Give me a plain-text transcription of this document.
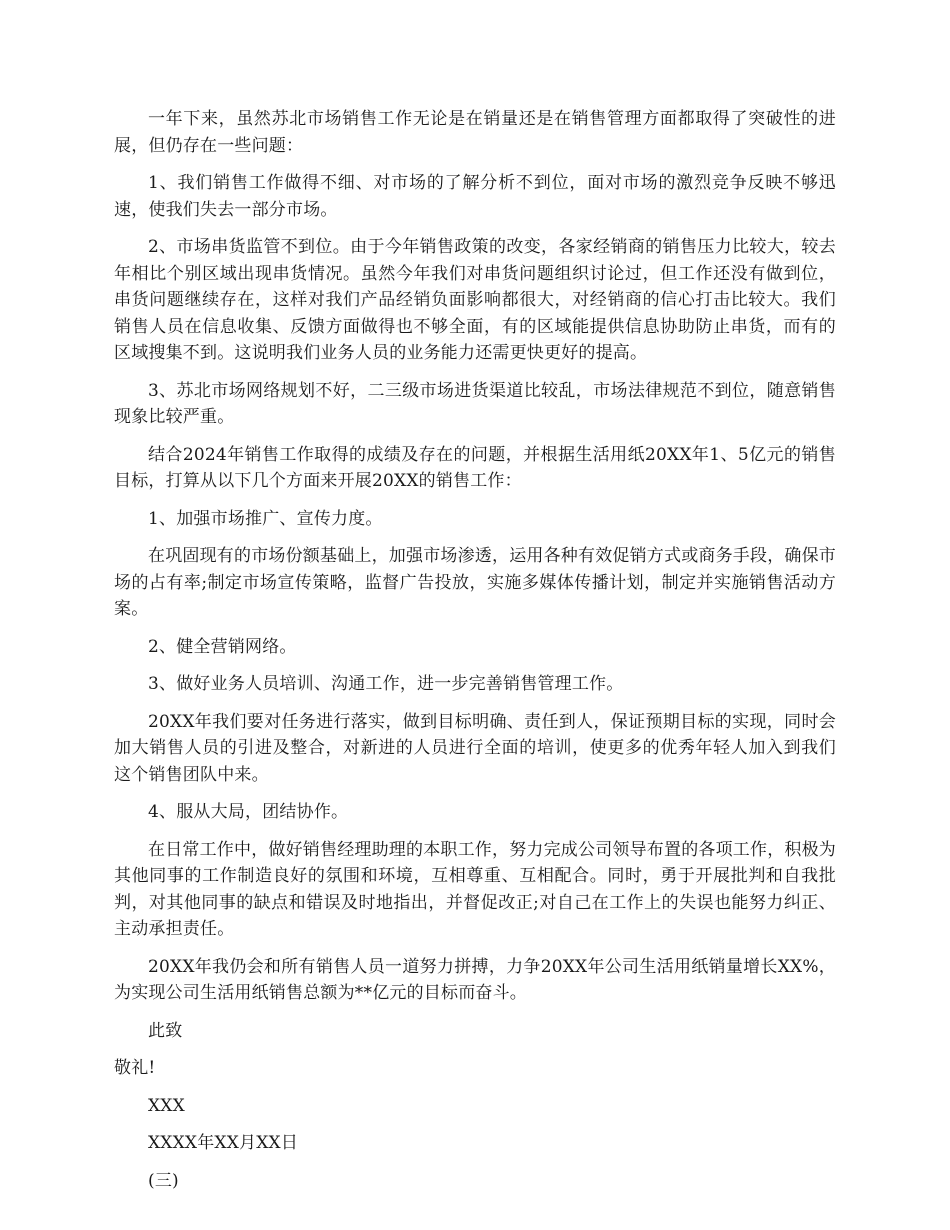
一年下来，虽然苏北市场销售工作无论是在销量还是在销售管理方面都取得了突破性的进展，但仍存在一些问题：

1、我们销售工作做得不细、对市场的了解分析不到位，面对市场的激烈竞争反映不够迅速，使我们失去一部分市场。

2、市场串货监管不到位。由于今年销售政策的改变，各家经销商的销售压力比较大，较去年相比个别区域出现串货情况。虽然今年我们对串货问题组织讨论过，但工作还没有做到位，串货问题继续存在，这样对我们产品经销负面影响都很大，对经销商的信心打击比较大。我们销售人员在信息收集、反馈方面做得也不够全面，有的区域能提供信息协助防止串货，而有的区域搜集不到。这说明我们业务人员的业务能力还需更快更好的提高。

3、苏北市场网络规划不好，二三级市场进货渠道比较乱，市场法律规范不到位，随意销售现象比较严重。

结合2024年销售工作取得的成绩及存在的问题，并根据生活用纸20XX年1、5亿元的销售目标，打算从以下几个方面来开展20XX的销售工作：

1、加强市场推广、宣传力度。

在巩固现有的市场份额基础上，加强市场渗透，运用各种有效促销方式或商务手段，确保市场的占有率;制定市场宣传策略，监督广告投放，实施多媒体传播计划，制定并实施销售活动方案。

2、健全营销网络。

3、做好业务人员培训、沟通工作，进一步完善销售管理工作。

20XX年我们要对任务进行落实，做到目标明确、责任到人，保证预期目标的实现，同时会加大销售人员的引进及整合，对新进的人员进行全面的培训，使更多的优秀年轻人加入到我们这个销售团队中来。

4、服从大局，团结协作。

在日常工作中，做好销售经理助理的本职工作，努力完成公司领导布置的各项工作，积极为其他同事的工作制造良好的氛围和环境，互相尊重、互相配合。同时，勇于开展批判和自我批判，对其他同事的缺点和错误及时地指出，并督促改正;对自己在工作上的失误也能努力纠正、主动承担责任。

20XX年我仍会和所有销售人员一道努力拼搏，力争20XX年公司生活用纸销量增长XX%，为实现公司生活用纸销售总额为**亿元的目标而奋斗。

此致

敬礼!

XXX

XXXX年XX月XX日

(三)
